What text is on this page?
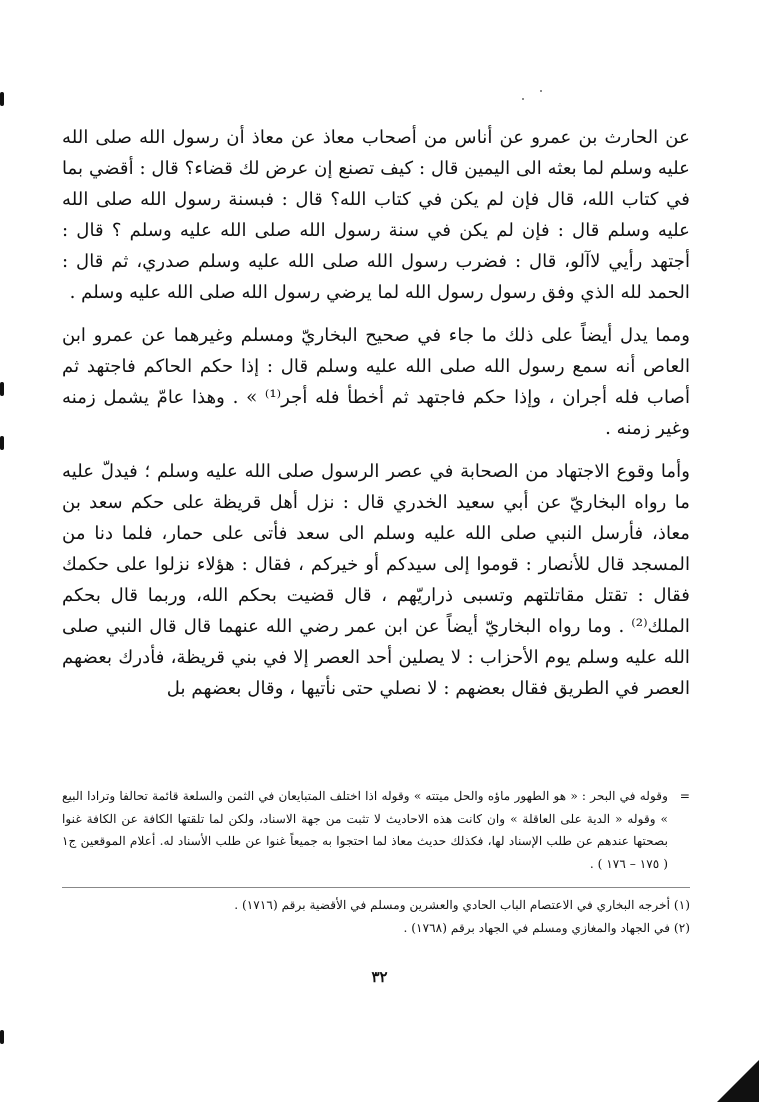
عن الحارث بن عمرو عن أناس من أصحاب معاذ عن معاذ أن رسول الله صلى الله عليه وسلم لما بعثه الى اليمين قال : كيف تصنع إن عرض لك قضاء؟ قال : أقضي بما في كتاب الله، قال فإن لم يكن في كتاب الله؟ قال : فبسنة رسول الله صلى الله عليه وسلم قال : فإن لم يكن في سنة رسول الله صلى الله عليه وسلم ؟ قال : أجتهد رأيي لاآلو، قال : فضرب رسول الله صلى الله عليه وسلم صدري، ثم قال : الحمد لله الذي وفق رسول رسول الله لما يرضي رسول الله صلى الله عليه وسلم .

ومما يدل أيضاً على ذلك ما جاء في صحيح البخاريّ ومسلم وغيرهما عن عمرو ابن العاص أنه سمع رسول الله صلى الله عليه وسلم قال : إذا حكم الحاكم فاجتهد ثم أصاب فله أجران ، وإذا حكم فاجتهد ثم أخطأ فله أجر⁽¹⁾ » . وهذا عامّ يشمل زمنه وغير زمنه .

وأما وقوع الاجتهاد من الصحابة في عصر الرسول صلى الله عليه وسلم ؛ فيدلّ عليه ما رواه البخاريّ عن أبي سعيد الخدري قال : نزل أهل قريظة على حكم سعد بن معاذ، فأرسل النبي صلى الله عليه وسلم الى سعد فأتى على حمار، فلما دنا من المسجد قال للأنصار : قوموا إلى سيدكم أو خيركم ، فقال : هؤلاء نزلوا على حكمك فقال : تقتل مقاتلتهم وتسبى ذراريّهم ، قال قضيت بحكم الله، وربما قال بحكم الملك⁽²⁾ . وما رواه البخاريّ أيضاً عن ابن عمر رضي الله عنهما قال قال النبي صلى الله عليه وسلم يوم الأحزاب : لا يصلين أحد العصر إلا في بني قريظة، فأدرك بعضهم العصر في الطريق فقال بعضهم : لا نصلي حتى نأتيها ، وقال بعضهم بل

=
وقوله في البحر : « هو الطهور ماؤه والحل ميتته » وقوله اذا اختلف المتبايعان في الثمن والسلعة قائمة تحالفا وترادا البيع » وقوله « الدية على العاقلة » وان كانت هذه الاحاديث لا تثبت من جهة الاسناد، ولكن لما تلقتها الكافة عن الكافة غنوا بصحتها عندهم عن طلب الإسناد لها، فكذلك حديث معاذ لما احتجوا به جميعاً غنوا عن طلب الأسناد له. أعلام الموقعين ج١ ( ١٧٥ – ١٧٦ ) .

(١) أخرجه البخاري في الاعتصام الباب الحادي والعشرين ومسلم في الأقضية برقم (١٧١٦) .

(٢) في الجهاد والمغازي ومسلم في الجهاد برقم (١٧٦٨) .

٣٢
